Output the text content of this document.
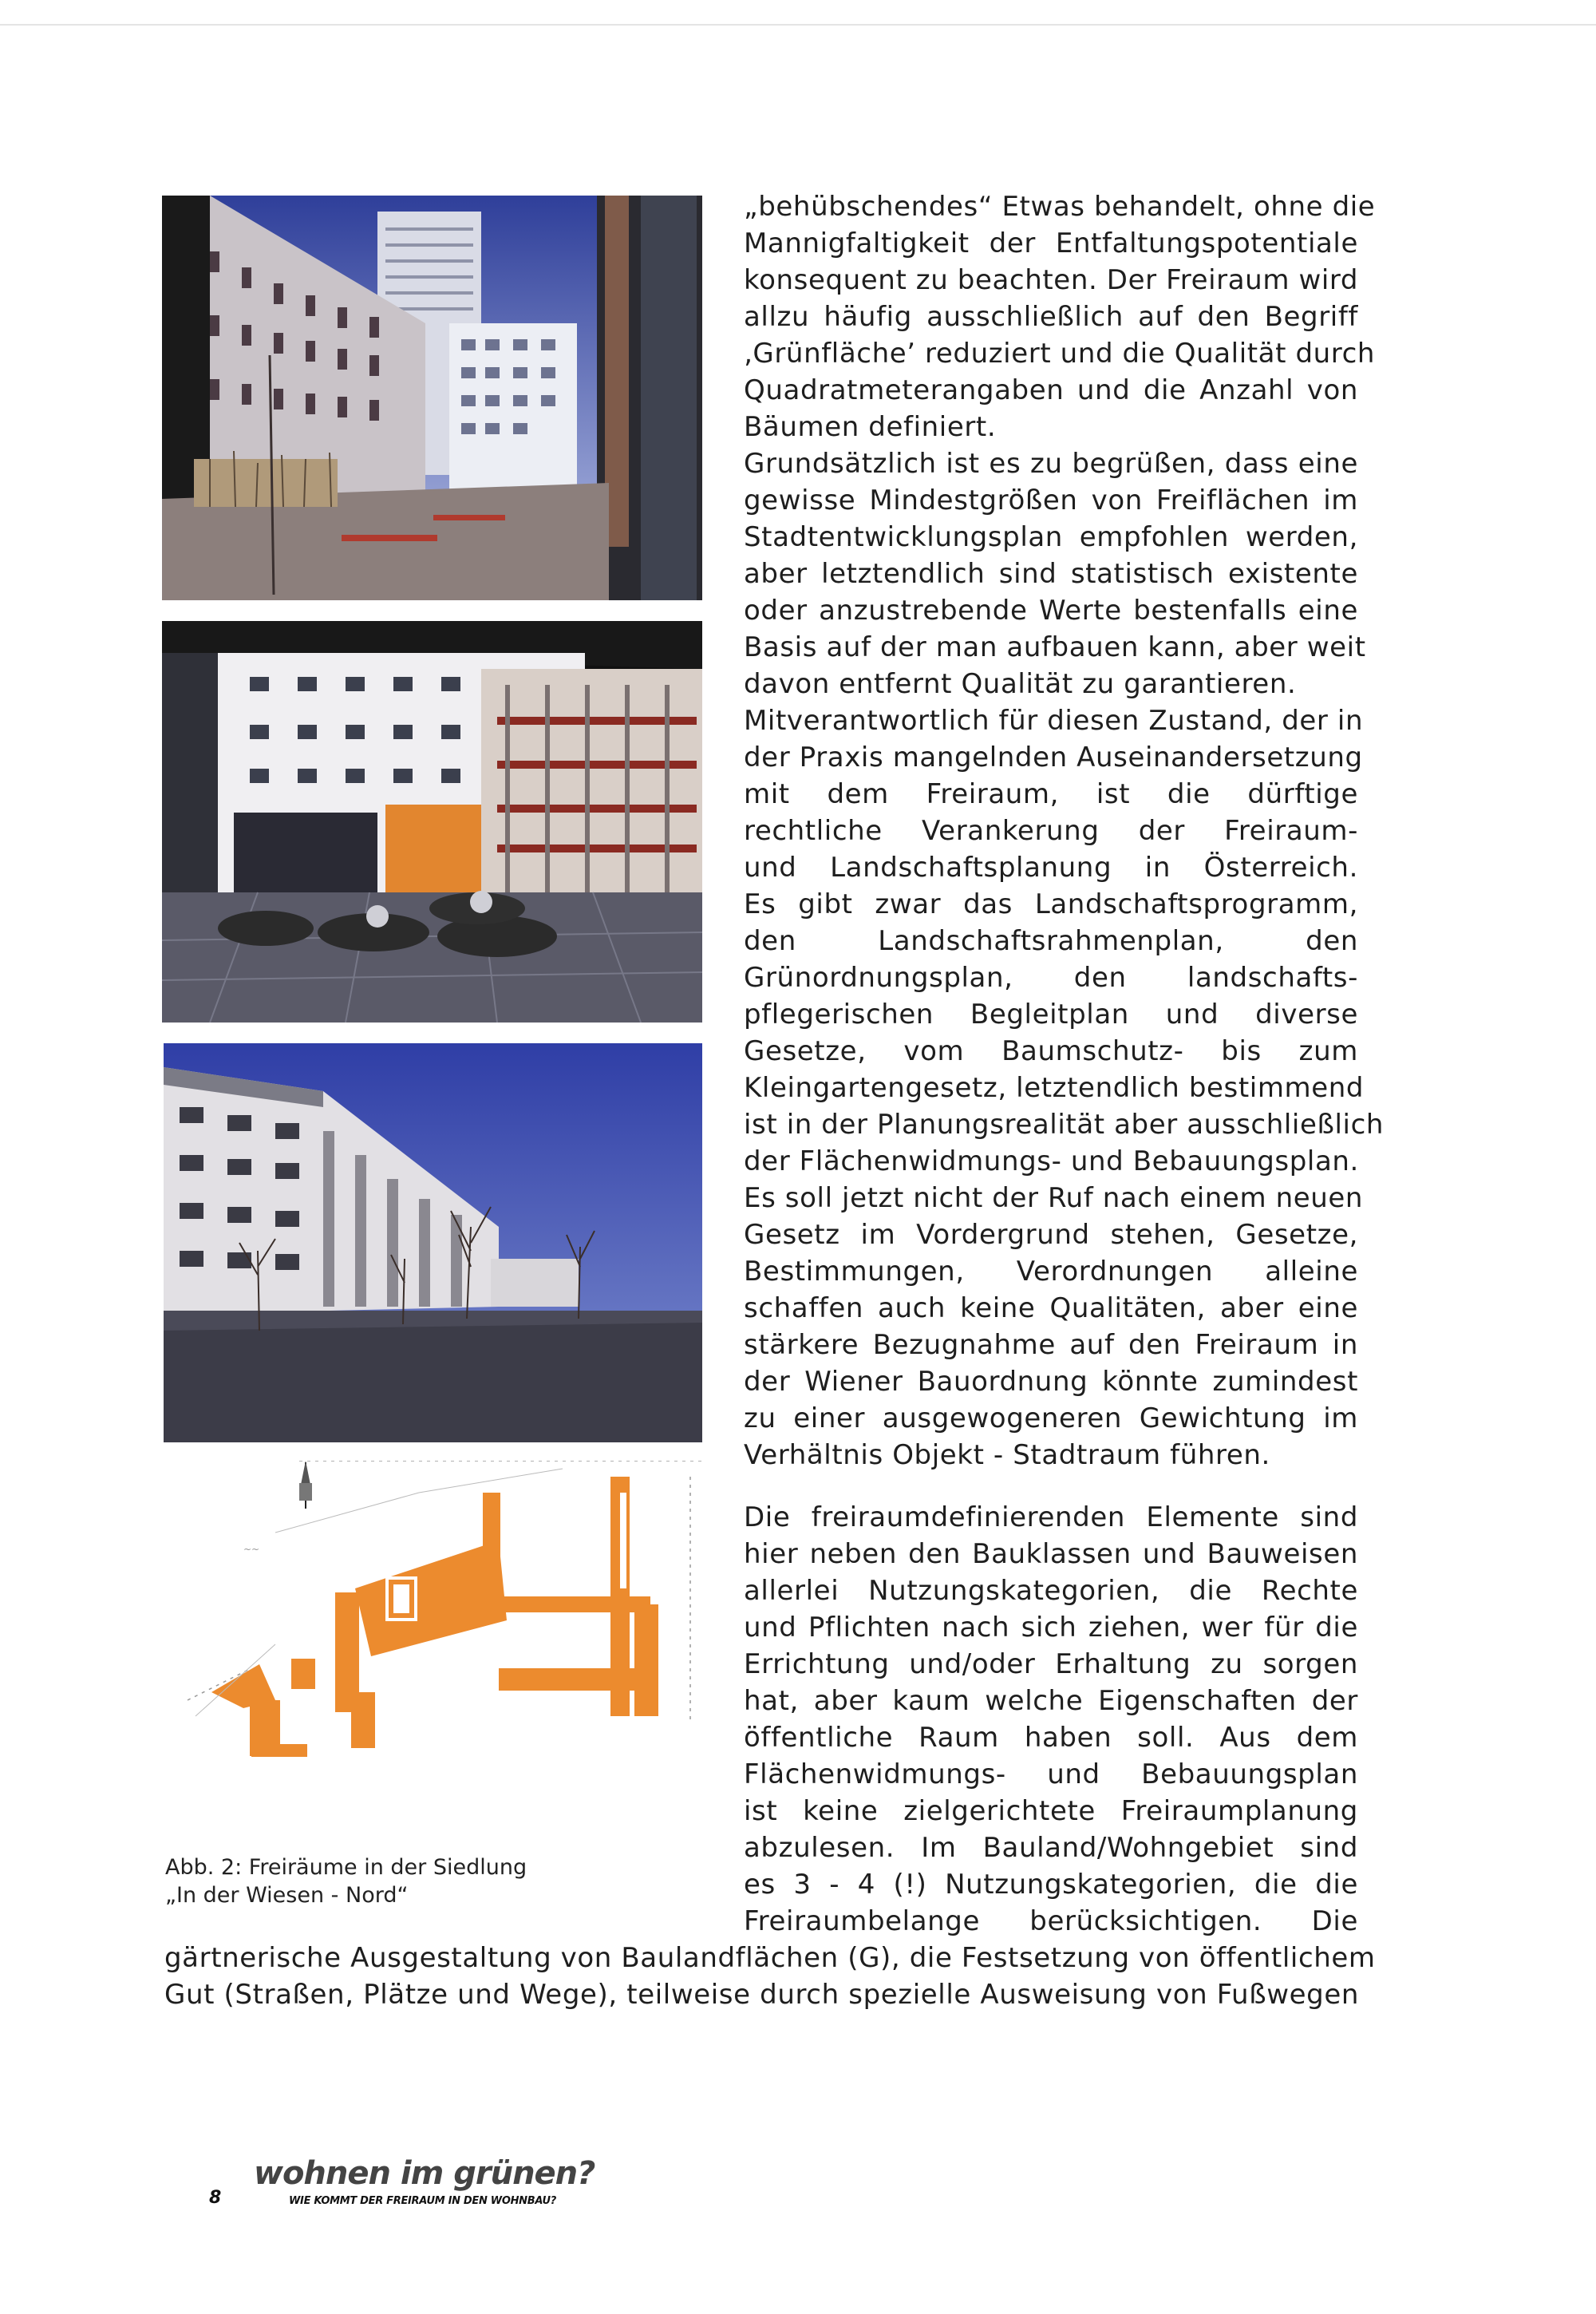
~~
Abb. 2: Freiräume in der Siedlung
„In der Wiesen - Nord“
„behübschendes“ Etwas behandelt, ohne die
Mannigfaltigkeit der Entfaltungspotentiale
konsequent zu beachten. Der Freiraum wird
allzu häufig ausschließlich auf den Begriff
‚Grünfläche’ reduziert und die Qualität durch
Quadratmeterangaben und die Anzahl von
Bäumen definiert.
Grundsätzlich ist es zu begrüßen, dass eine
gewisse Mindestgrößen von Freiflächen im
Stadtentwicklungsplan empfohlen werden,
aber letztendlich sind statistisch existente
oder anzustrebende Werte bestenfalls eine
Basis auf der man aufbauen kann, aber weit
davon entfernt Qualität zu garantieren.
Mitverantwortlich für diesen Zustand, der in
der Praxis mangelnden Auseinandersetzung
mit dem Freiraum, ist die dürftige
rechtliche Verankerung der Freiraum-
und Landschaftsplanung in Österreich.
Es gibt zwar das Landschaftsprogramm,
den Landschaftsrahmenplan, den
Grünordnungsplan, den landschafts-
pflegerischen Begleitplan und diverse
Gesetze, vom Baumschutz- bis zum
Kleingartengesetz, letztendlich bestimmend
ist in der Planungsrealität aber ausschließlich
der Flächenwidmungs- und Bebauungsplan.
Es soll jetzt nicht der Ruf nach einem neuen
Gesetz im Vordergrund stehen, Gesetze,
Bestimmungen, Verordnungen alleine
schaffen auch keine Qualitäten, aber eine
stärkere Bezugnahme auf den Freiraum in
der Wiener Bauordnung könnte zumindest
zu einer ausgewogeneren Gewichtung im
Verhältnis Objekt - Stadtraum führen.
Die freiraumdefinierenden Elemente sind
hier neben den Bauklassen und Bauweisen
allerlei Nutzungskategorien, die Rechte
und Pflichten nach sich ziehen, wer für die
Errichtung und/oder Erhaltung zu sorgen
hat, aber kaum welche Eigenschaften der
öffentliche Raum haben soll. Aus dem
Flächenwidmungs- und Bebauungsplan
ist keine zielgerichtete Freiraumplanung
abzulesen. Im Bauland/Wohngebiet sind
es 3 - 4 (!) Nutzungskategorien, die die
Freiraumbelange berücksichtigen. Die
gärtnerische Ausgestaltung von Baulandflächen (G), die Festsetzung von öffentlichem
Gut (Straßen, Plätze und Wege), teilweise durch spezielle Ausweisung von Fußwegen
8
wohnen im grünen?
WIE KOMMT DER FREIRAUM IN DEN WOHNBAU?
